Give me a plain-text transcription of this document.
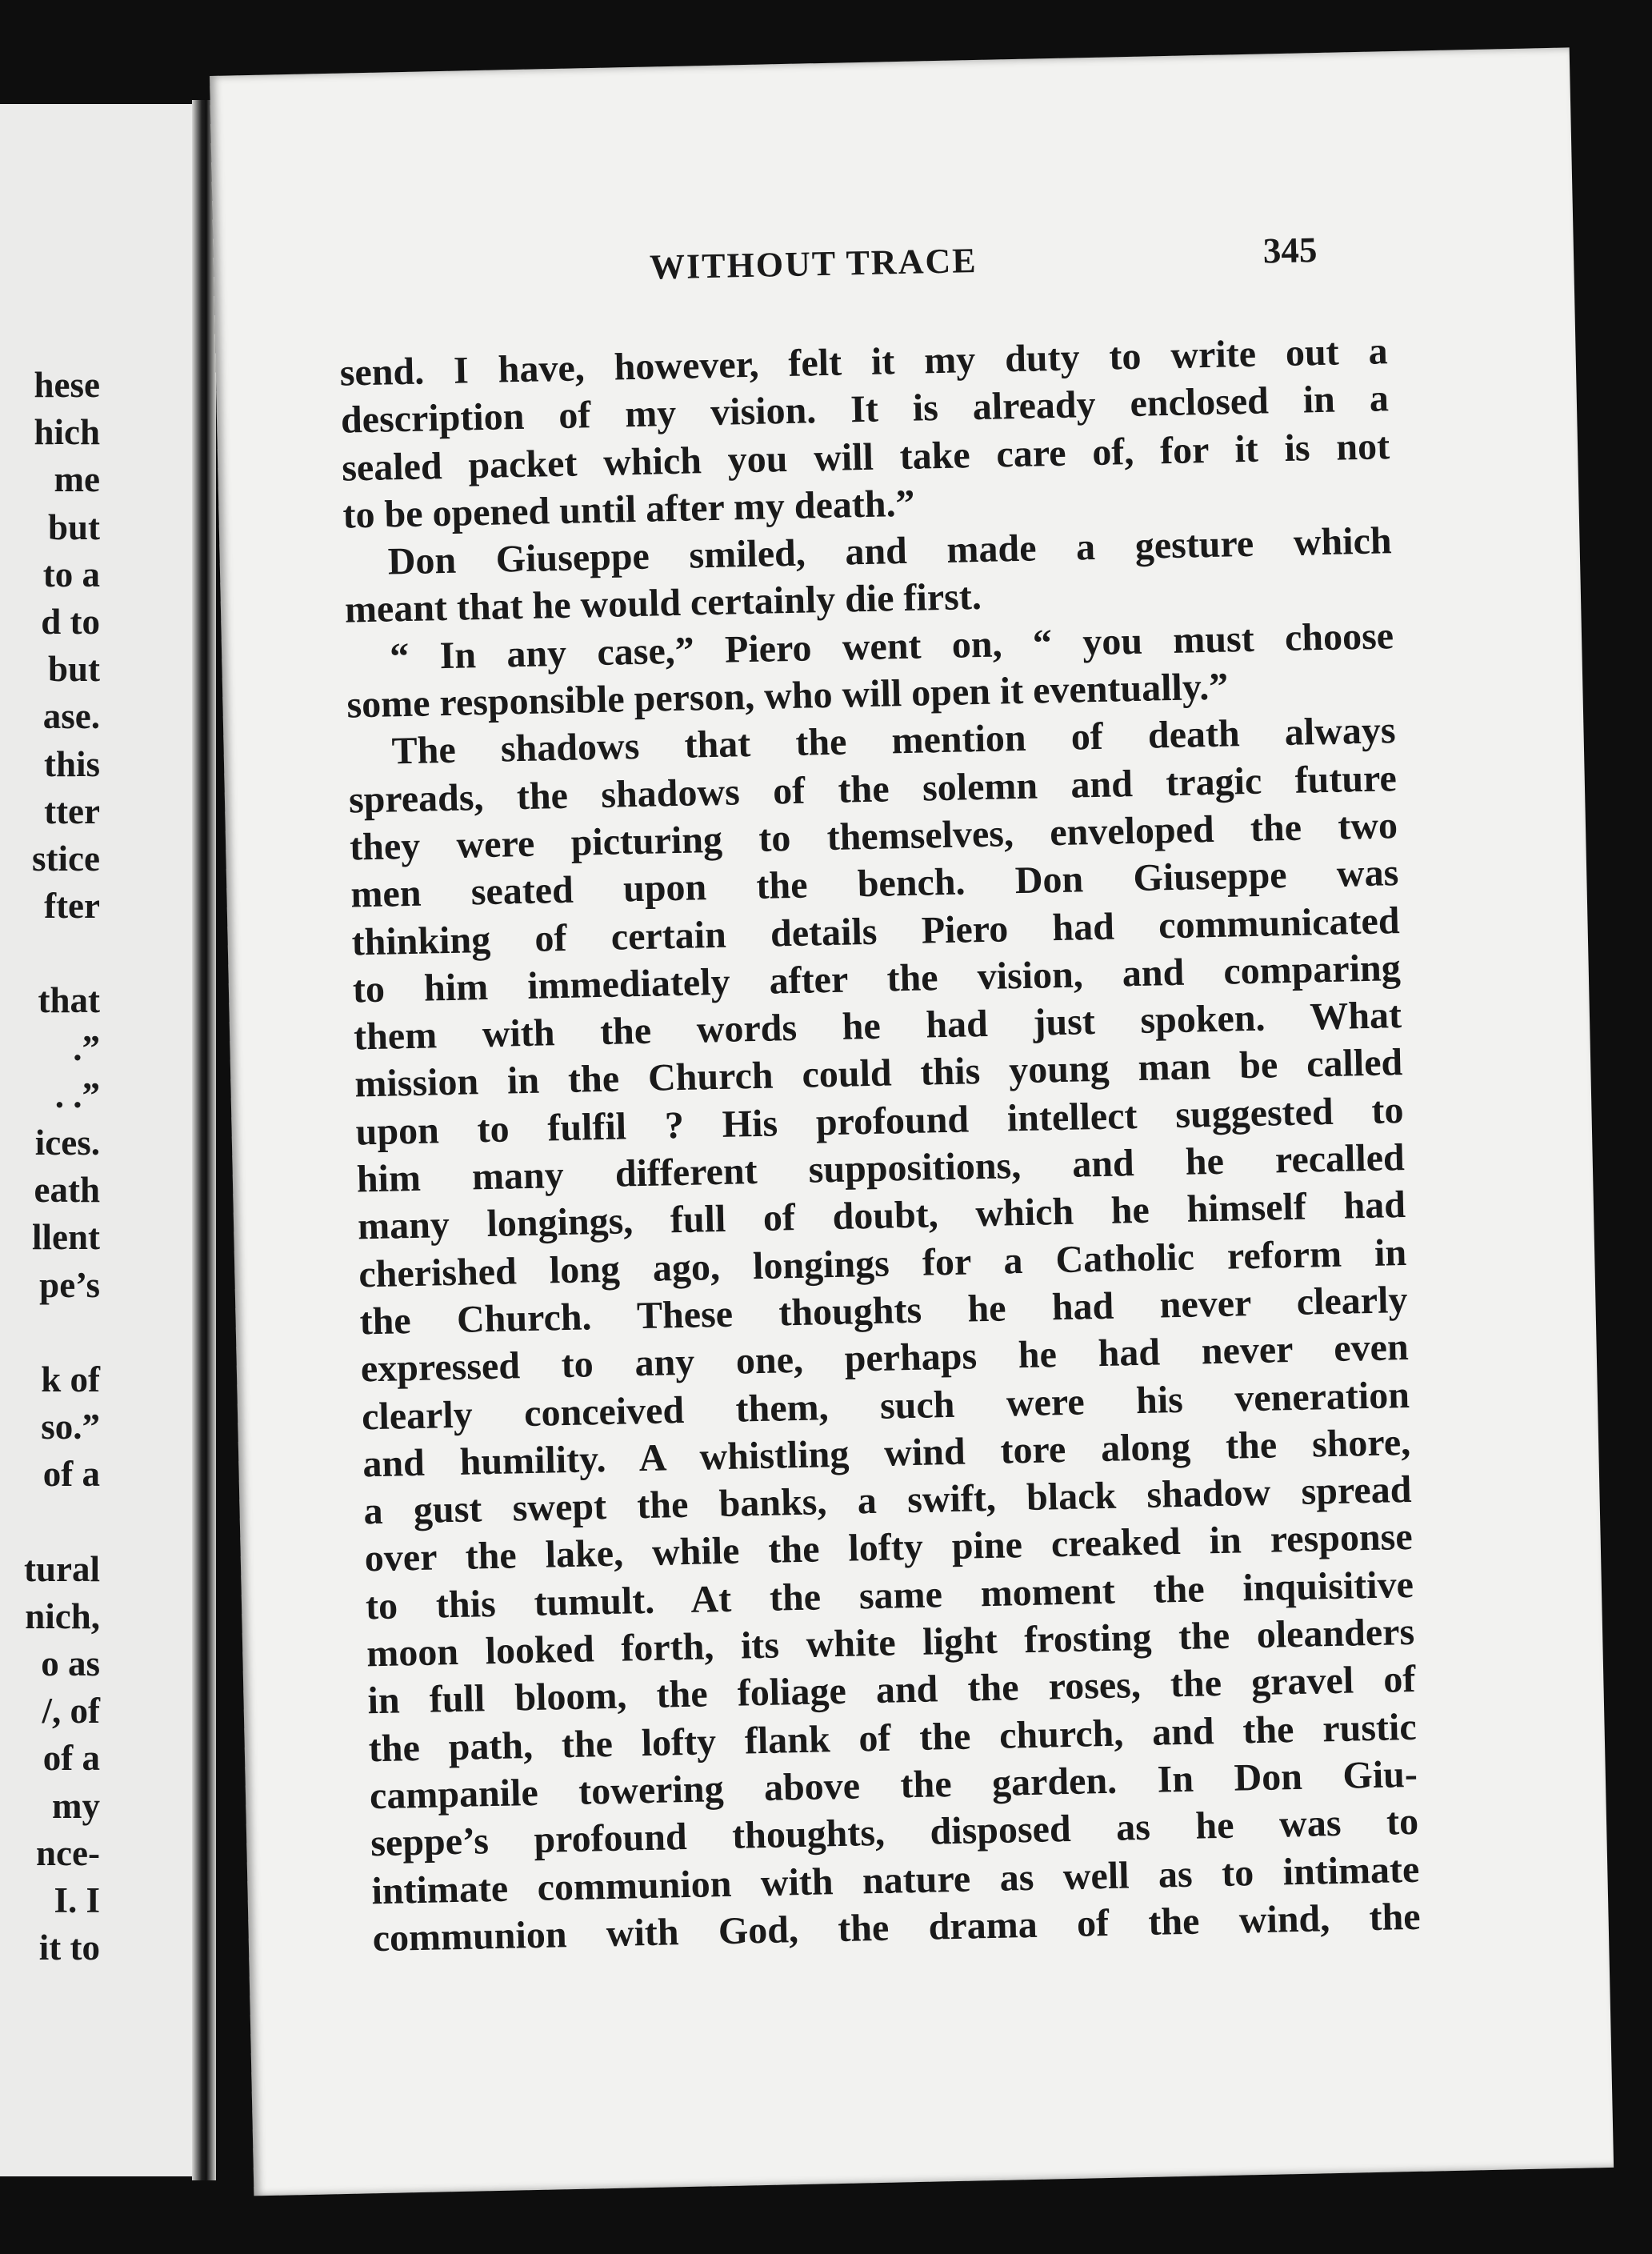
hese
hich
me
but
to a
d to
but
ase.
this
tter
stice
fter
that
.”
. .”
ices.
eath
llent
pe’s
k of
so.”
of a
tural
nich,
o as
/, of
of a
my
nce-
I. I
it to
WITHOUT TRACE	345
send. I have, however, felt it my duty to write out a
description of my vision. It is already enclosed in a
sealed packet which you will take care of, for it is not
to be opened until after my death.”
Don Giuseppe smiled, and made a gesture which
meant that he would certainly die first.
“ In any case,” Piero went on, “ you must choose
some responsible person, who will open it eventually.”
The shadows that the mention of death always
spreads, the shadows of the solemn and tragic future
they were picturing to themselves, enveloped the two
men seated upon the bench. Don Giuseppe was
thinking of certain details Piero had communicated
to him immediately after the vision, and comparing
them with the words he had just spoken. What
mission in the Church could this young man be called
upon to fulfil ? His profound intellect suggested to
him many different suppositions, and he recalled
many longings, full of doubt, which he himself had
cherished long ago, longings for a Catholic reform in
the Church. These thoughts he had never clearly
expressed to any one, perhaps he had never even
clearly conceived them, such were his veneration
and humility. A whistling wind tore along the shore,
a gust swept the banks, a swift, black shadow spread
over the lake, while the lofty pine creaked in response
to this tumult. At the same moment the inquisitive
moon looked forth, its white light frosting the oleanders
in full bloom, the foliage and the roses, the gravel of
the path, the lofty flank of the church, and the rustic
campanile towering above the garden. In Don Giu-
seppe’s profound thoughts, disposed as he was to
intimate communion with nature as well as to intimate
communion with God, the drama of the wind, the
